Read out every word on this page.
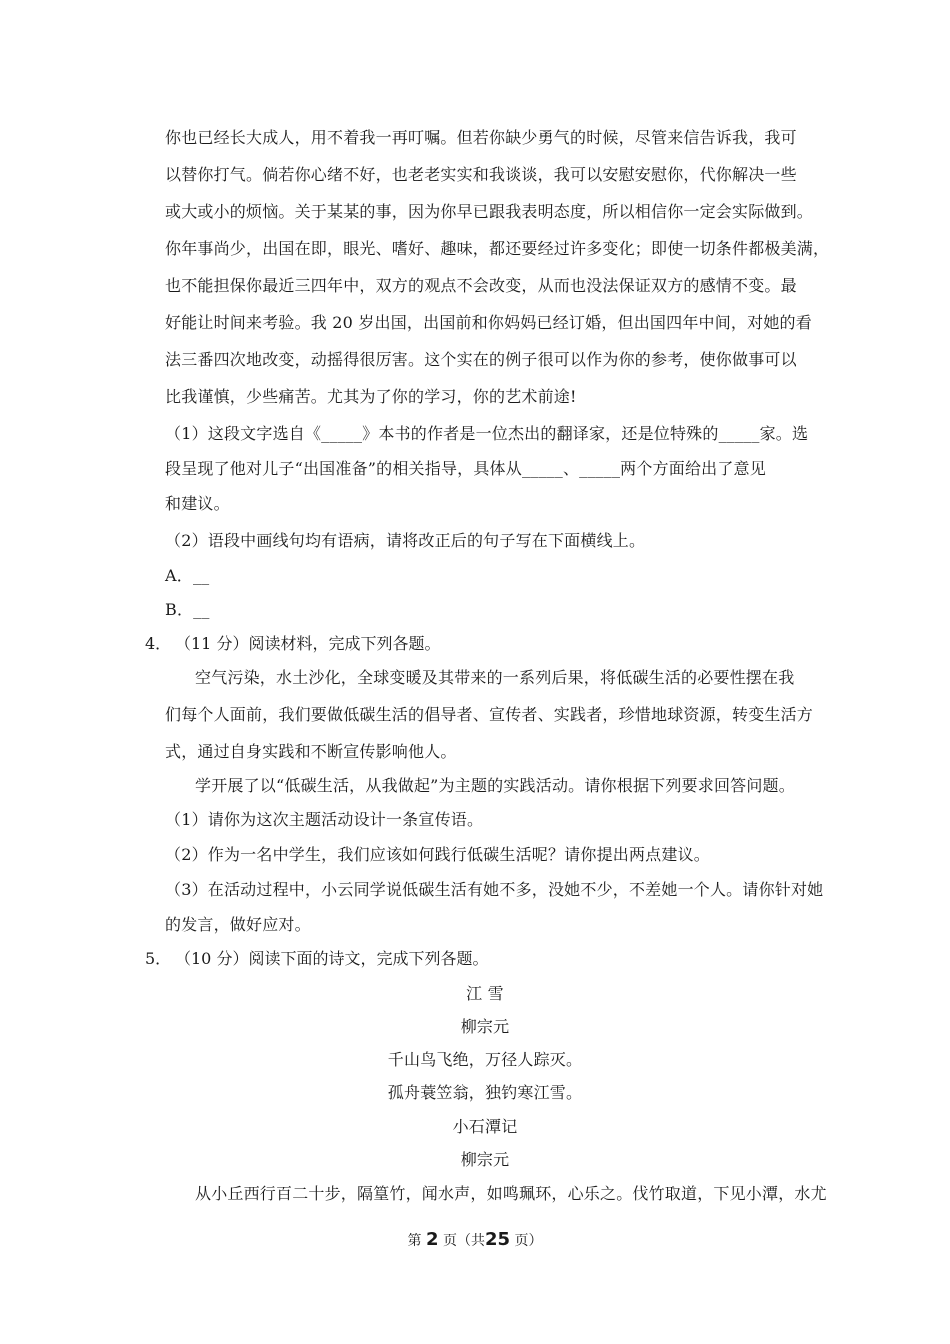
你也已经长大成人，用不着我一再叮嘱。但若你缺少勇气的时候，尽管来信告诉我，我可
以替你打气。倘若你心绪不好，也老老实实和我谈谈，我可以安慰安慰你，代你解决一些
或大或小的烦恼。关于某某的事，因为你早已跟我表明态度，所以相信你一定会实际做到。
你年事尚少，出国在即，眼光、嗜好、趣味，都还要经过许多变化；即使一切条件都极美满，
也不能担保你最近三四年中，双方的观点不会改变，从而也没法保证双方的感情不变。最
好能让时间来考验。我 20 岁出国，出国前和你妈妈已经订婚，但出国四年中间，对她的看
法三番四次地改变，动摇得很厉害。这个实在的例子很可以作为你的参考，使你做事可以
比我谨慎，少些痛苦。尤其为了你的学习，你的艺术前途!
（1）这段文字选自《_____》本书的作者是一位杰出的翻译家，还是位特殊的_____家。选
段呈现了他对儿子“出国准备”的相关指导，具体从_____、_____两个方面给出了意见
和建议。
（2）语段中画线句均有语病，请将改正后的句子写在下面横线上。
A．__
B．__
4． （11 分）阅读材料，完成下列各题。
空气污染，水土沙化，全球变暖及其带来的一系列后果，将低碳生活的必要性摆在我
们每个人面前，我们要做低碳生活的倡导者、宣传者、实践者，珍惜地球资源，转变生活方
式，通过自身实践和不断宣传影响他人。
学开展了以“低碳生活，从我做起”为主题的实践活动。请你根据下列要求回答问题。
（1）请你为这次主题活动设计一条宣传语。
（2）作为一名中学生，我们应该如何践行低碳生活呢？请你提出两点建议。
（3）在活动过程中，小云同学说低碳生活有她不多，没她不少，不差她一个人。请你针对她
的发言，做好应对。
5． （10 分）阅读下面的诗文，完成下列各题。
江 雪
柳宗元
千山鸟飞绝，万径人踪灭。
孤舟蓑笠翁，独钓寒江雪。
小石潭记
柳宗元
从小丘西行百二十步，隔篁竹，闻水声，如鸣珮环，心乐之。伐竹取道，下见小潭，水尤
第 2 页（共25 页）
